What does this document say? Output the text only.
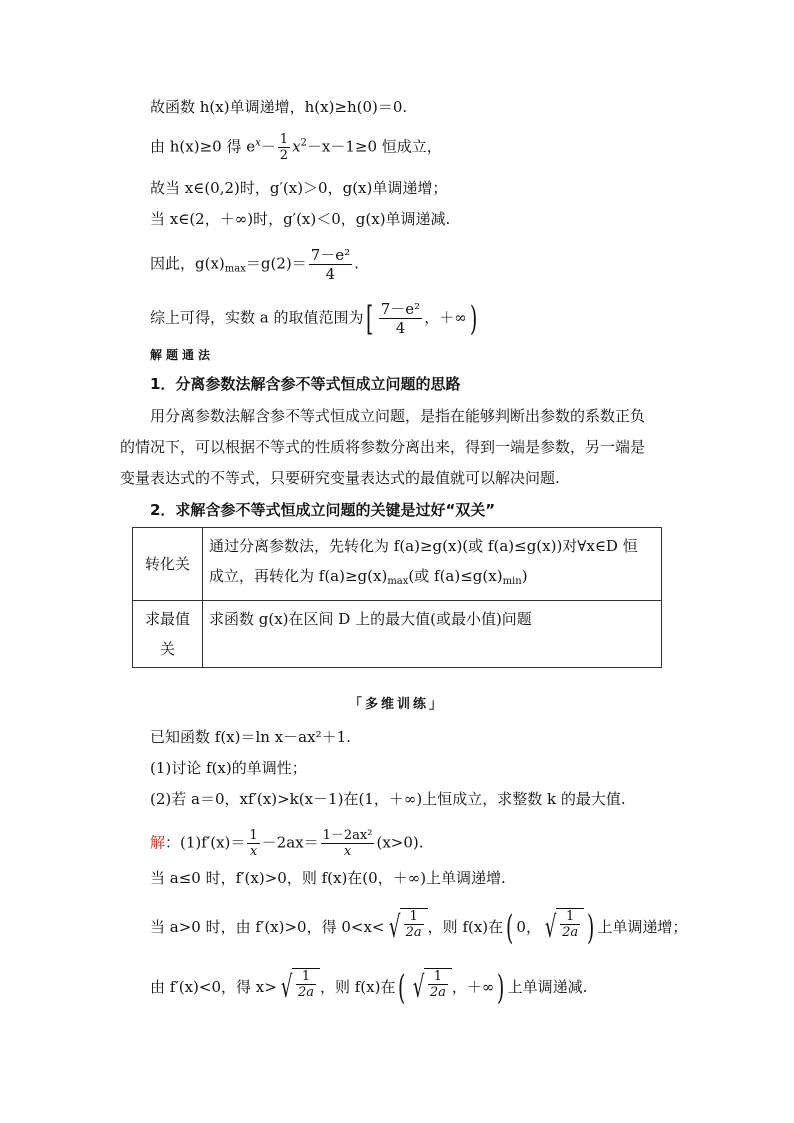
故函数 h(x)单调递增，h(x)≥h(0)＝0.
由 h(x)≥0 得 $e^x- \frac{1}{2} x^2-x-1\ge 0$ 恒成立，
故当 x∈(0,2)时，g′(x)＞0，g(x)单调递增；
当 x∈(2，＋∞)时，g′(x)＜0，g(x)单调递减.
因此，$g(x)_{max}=g(2)= \frac{\text{7－e²}}{4}$ .
综上可得，实数 a 的取值范围为[ $\frac{\text{7－e²}}{4}$ ，＋∞)
解题通法
1．分离参数法解含参不等式恒成立问题的思路
用分离参数法解含参不等式恒成立问题，是指在能够判断出参数的系数正负
的情况下，可以根据不等式的性质将参数分离出来，得到一端是参数，另一端是
变量表达式的不等式，只要研究变量表达式的最值就可以解决问题.
2．求解含参不等式恒成立问题的关键是过好“双关”
转化关	通过分离参数法，先转化为 f(a)≥g(x)(或 f(a)≤g(x))对∀x∈D 恒
成立，再转化为 $f(a)\ge g(x)_{max}$(或 $f(a)\le g(x)_{min}$)

求最值
关	求函数 g(x)在区间 D 上的最大值(或最小值)问题
「多维训练」
已知函数 f(x)＝ln x－ax²＋1.
(1)讨论 f(x)的单调性；
(2)若 a＝0，xf′(x)>k(x－1)在(1，＋∞)上恒成立，求整数 k 的最大值.
解：$(1)f'(x)= \frac{1}{x} -2ax= \frac{\text{1－2ax²}}{x} (x>0)$.
当 a≤0 时，f′(x)>0，则 f(x)在(0，＋∞)上单调递增.
当 a>0 时，由 f′(x)>0，得 0<x< √ $\frac{1}{2a}$ ，则 f(x)在( 0， √ $\frac{1}{2a}$ ) 上单调递增；
由 f′(x)<0，得 x> √ $\frac{1}{2a}$ ，则 f(x)在( √ $\frac{1}{2a}$ ，＋∞) 上单调递减.
